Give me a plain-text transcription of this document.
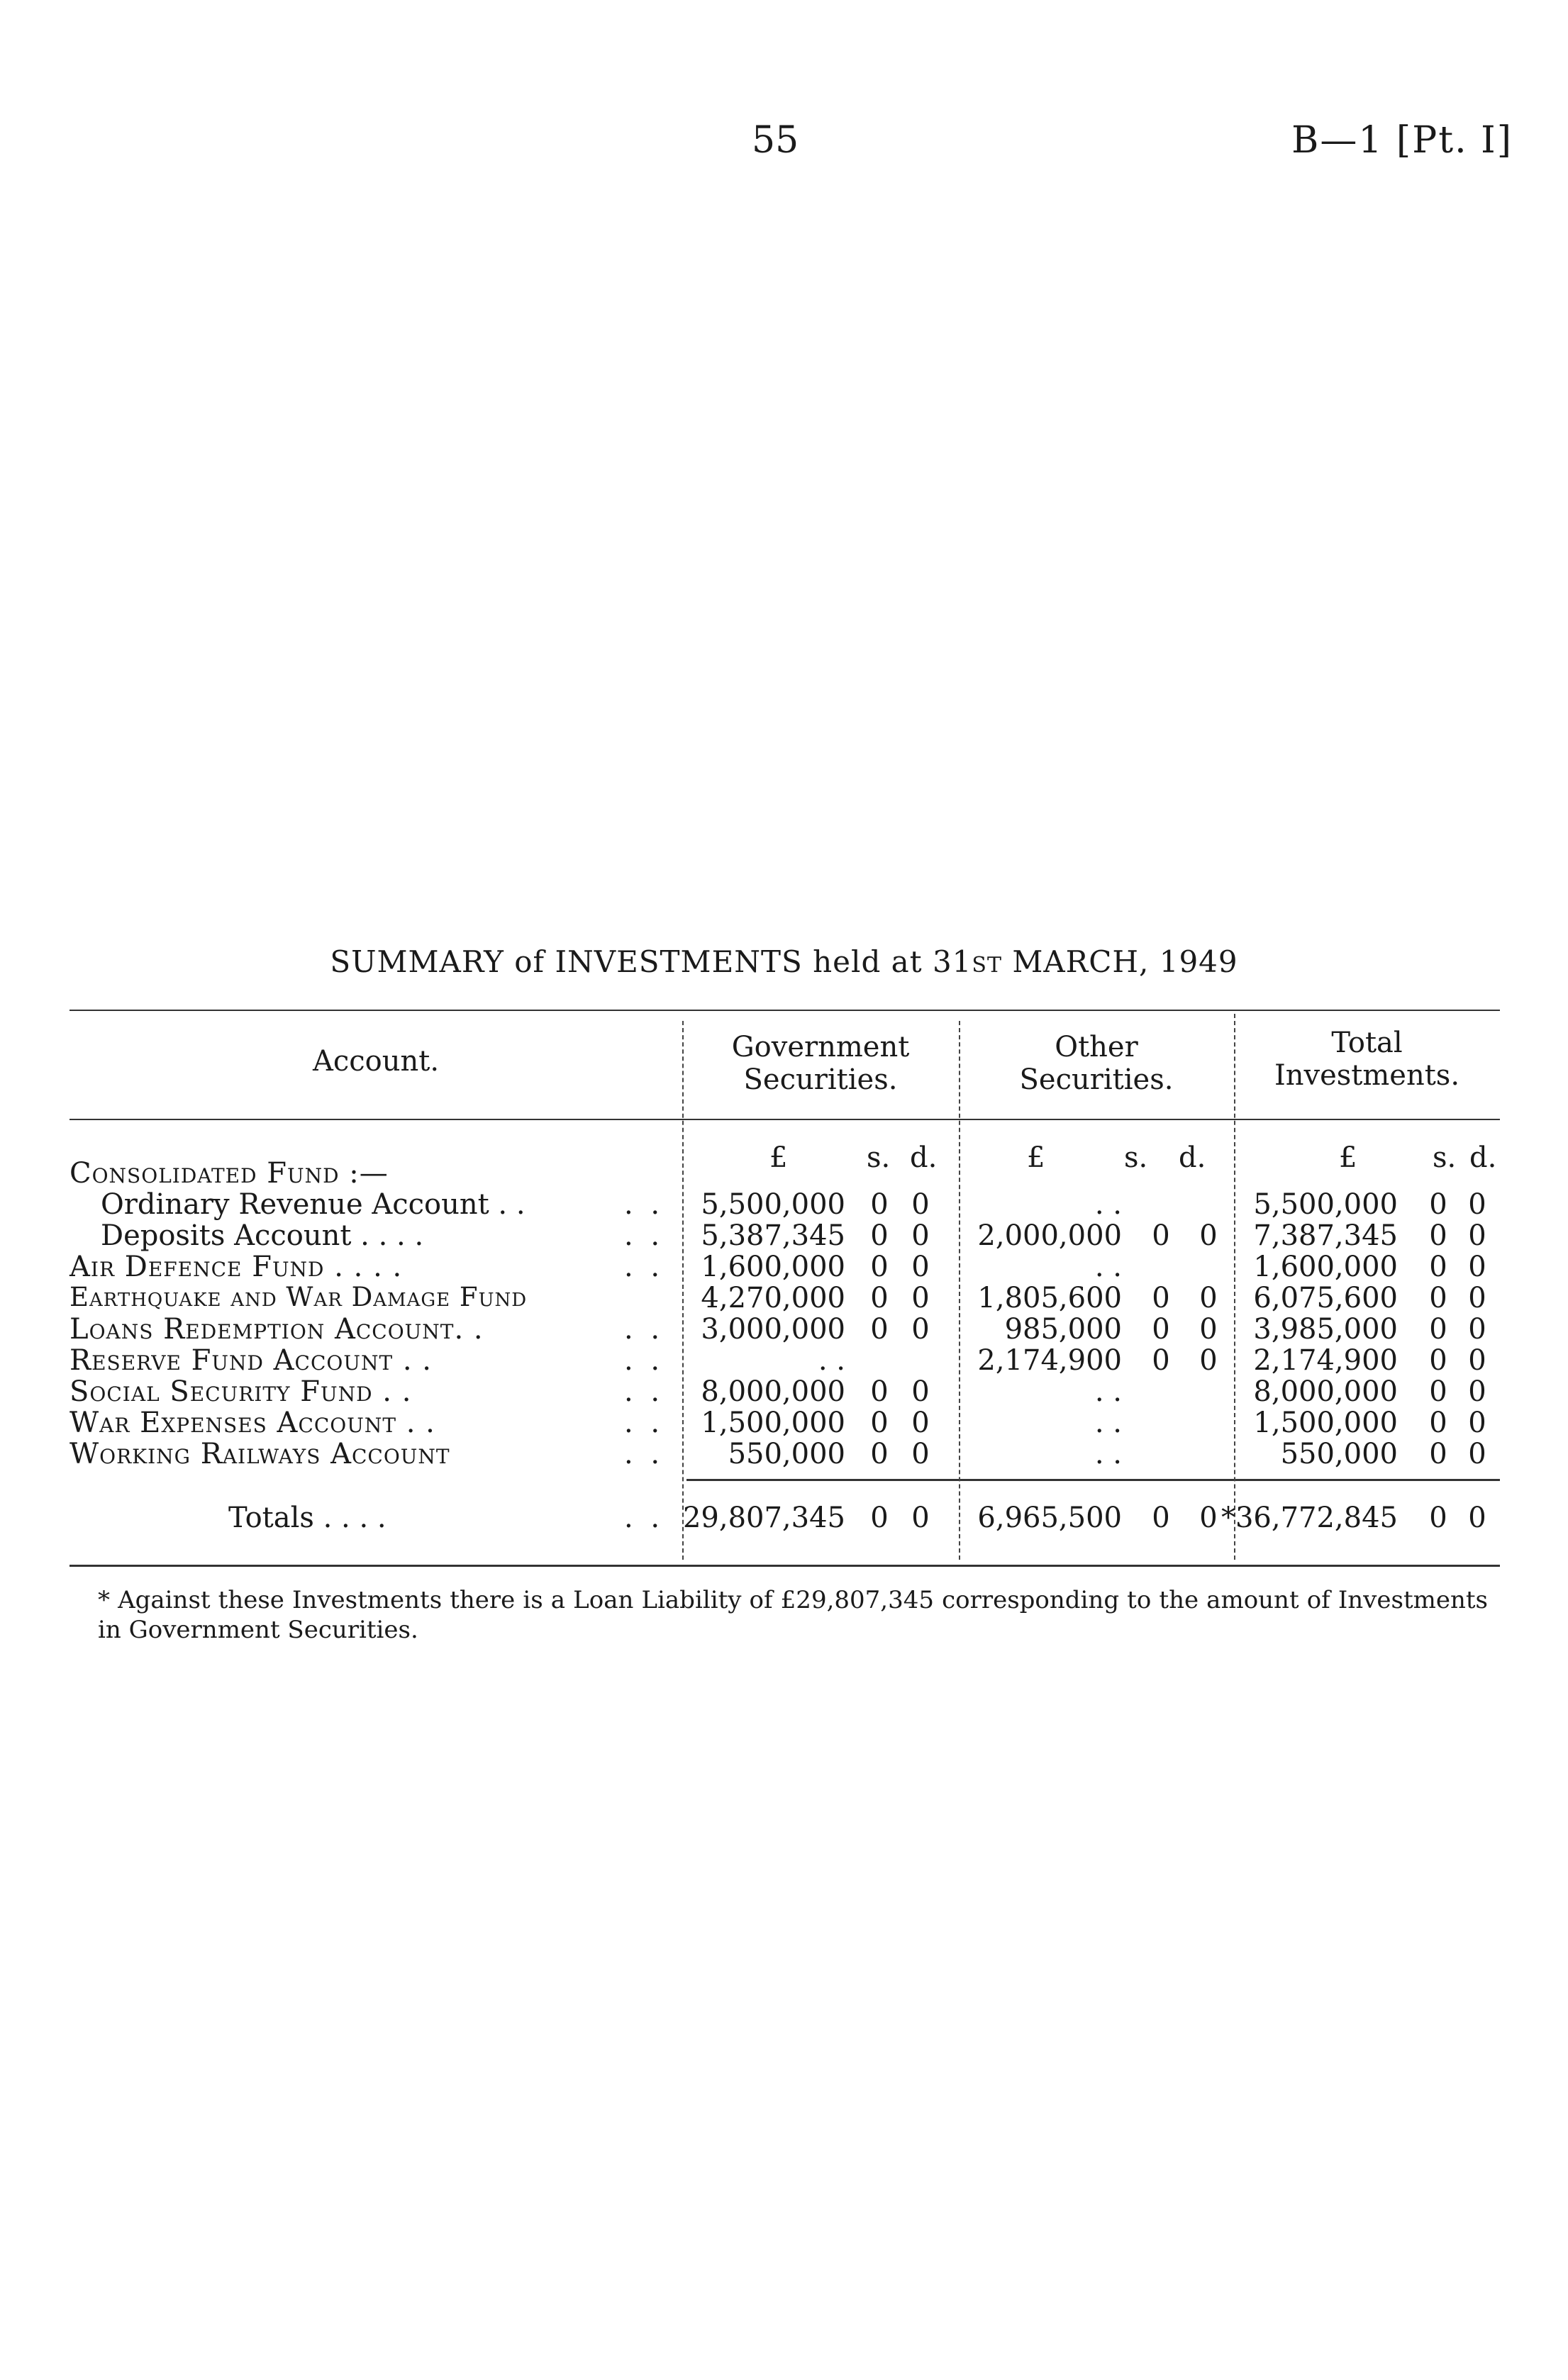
55	B—1 [Pt. I]
SUMMARY of INVESTMENTS held at 31ST MARCH, 1949
Account.	Government
Securities.
Other
Securities.
Total
Investments.
£	s. d.	£	s. d.	£	s. d.
Consolidated Fund :—
Ordinary Revenue Account . .	. . 5,500,000 0 0	. .	5,500,000 0 0
Deposits Account . . . .	. . 5,387,345 0 0 2,000,000 0 0 7,387,345 0 0
Air Defence Fund . . . .	. . 1,600,000 0 0	. .	1,600,000 0 0
Earthquake and War Damage Fund	4,270,000 0 0 1,805,600 0 0 6,075,600 0 0
Loans Redemption Account. .	. . 3,000,000 0 0	985,000 0 0 3,985,000 0 0
Reserve Fund Account . .	. .	. .	2,174,900 0 0 2,174,900 0 0
Social Security Fund . .	. . 8,000,000 0 0	. .	8,000,000 0 0
War Expenses Account . .	. . 1,500,000 0 0	. .	1,500,000 0 0
Working Railways Account	. . 550,000 0 0	. .	550,000 0 0
Totals . . . .	. . 29,807,345 0 0 6,965,500 0 0 *36,772,845 0 0
* Against these Investments there is a Loan Liability of £29,807,345 corresponding to the amount of Investments in Government Securities.
